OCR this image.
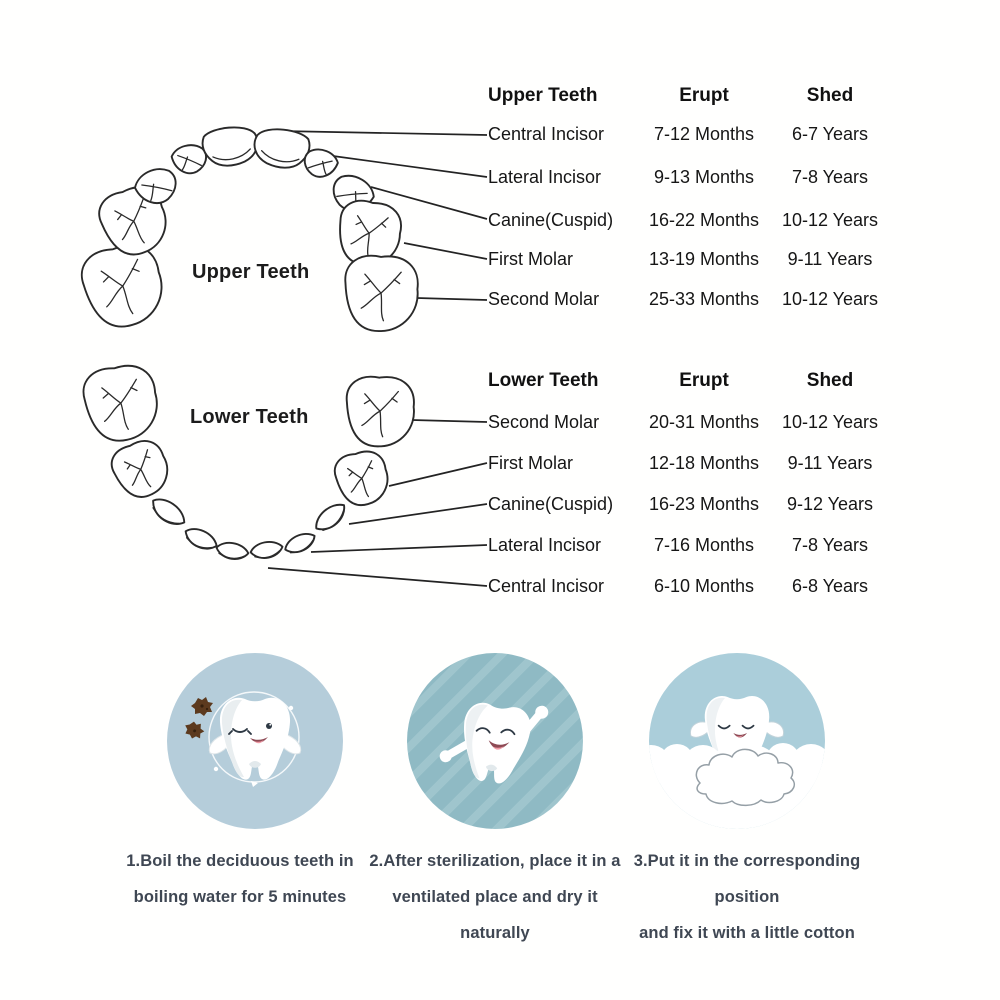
Upper Teeth
Upper Teeth	Erupt	Shed
Central Incisor	7-12 Months	6-7 Years
Lateral Incisor	9-13 Months	7-8 Years
Canine(Cuspid)	16-22 Months	10-12 Years
First Molar	13-19 Months	9-11 Years
Second Molar	25-33 Months	10-12 Years
Lower Teeth
Lower Teeth	Erupt	Shed
Second Molar	20-31 Months	10-12 Years
First Molar	12-18 Months	9-11 Years
Canine(Cuspid)	16-23 Months	9-12 Years
Lateral Incisor	7-16 Months	7-8 Years
Central Incisor	6-10 Months	6-8 Years
1.Boil the deciduous teeth in
boiling water for 5 minutes
2.After sterilization, place it in a
ventilated place and dry it naturally
3.Put it in the corresponding position
and fix it with a little cotton
